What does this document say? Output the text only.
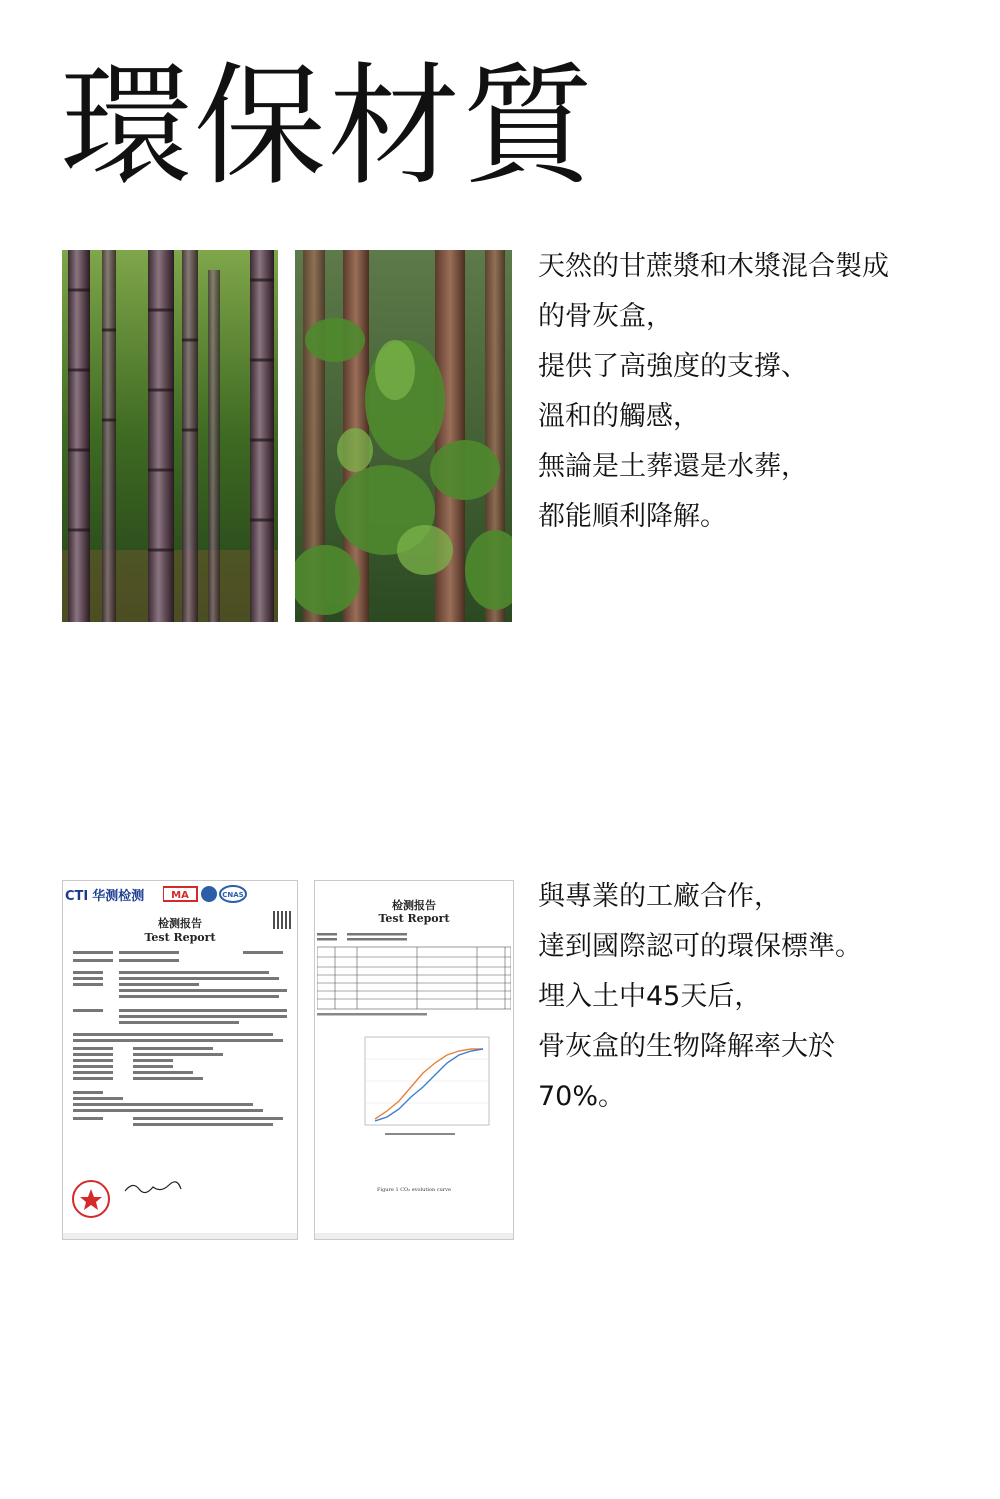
環保材質

天然的甘蔗漿和木漿混合製成

的骨灰盒，

提供了高強度的支撐、

溫和的觸感，

無論是土葬還是水葬，

都能順利降解。

CTI 华测检测	MA	CNAS
检测报告
Test Report
检测报告
Test Report
Figure 1 CO₂ evolution curve

與專業的工廠合作，

達到國際認可的環保標準。

埋入土中45天后，

骨灰盒的生物降解率大於

70%。
